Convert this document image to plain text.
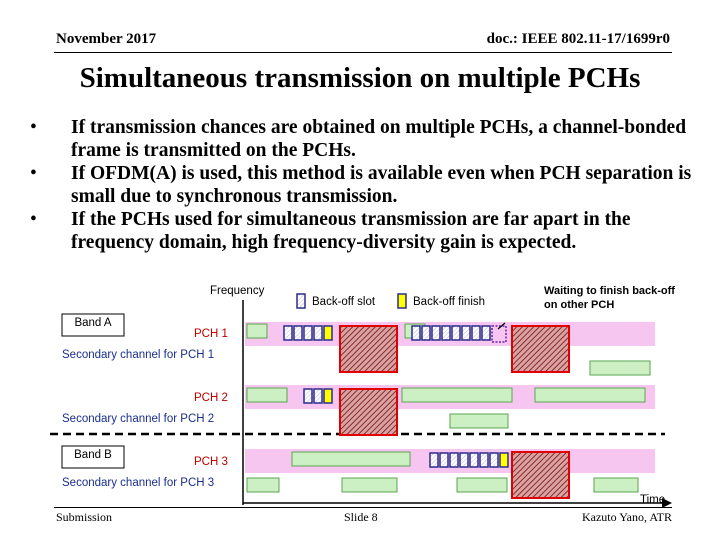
November 2017	doc.: IEEE 802.11-17/1699r0
Simultaneous transmission on multiple PCHs
• If transmission chances are obtained on multiple PCHs, a channel-bonded frame is transmitted on the PCHs.
• If OFDM(A) is used, this method is available even when PCH separation is small due to synchronous transmission.
• If the PCHs used for simultaneous transmission are far apart in the frequency domain, high frequency-diversity gain is expected.
Frequency
Back-off slot	Back-off finish
Waiting to finish back-off on other PCH
Band A
Band B
PCH 1
Secondary channel for PCH 1
PCH 2
Secondary channel for PCH 2
PCH 3
Secondary channel for PCH 3
Time
Submission	Slide 8	Kazuto Yano, ATR
